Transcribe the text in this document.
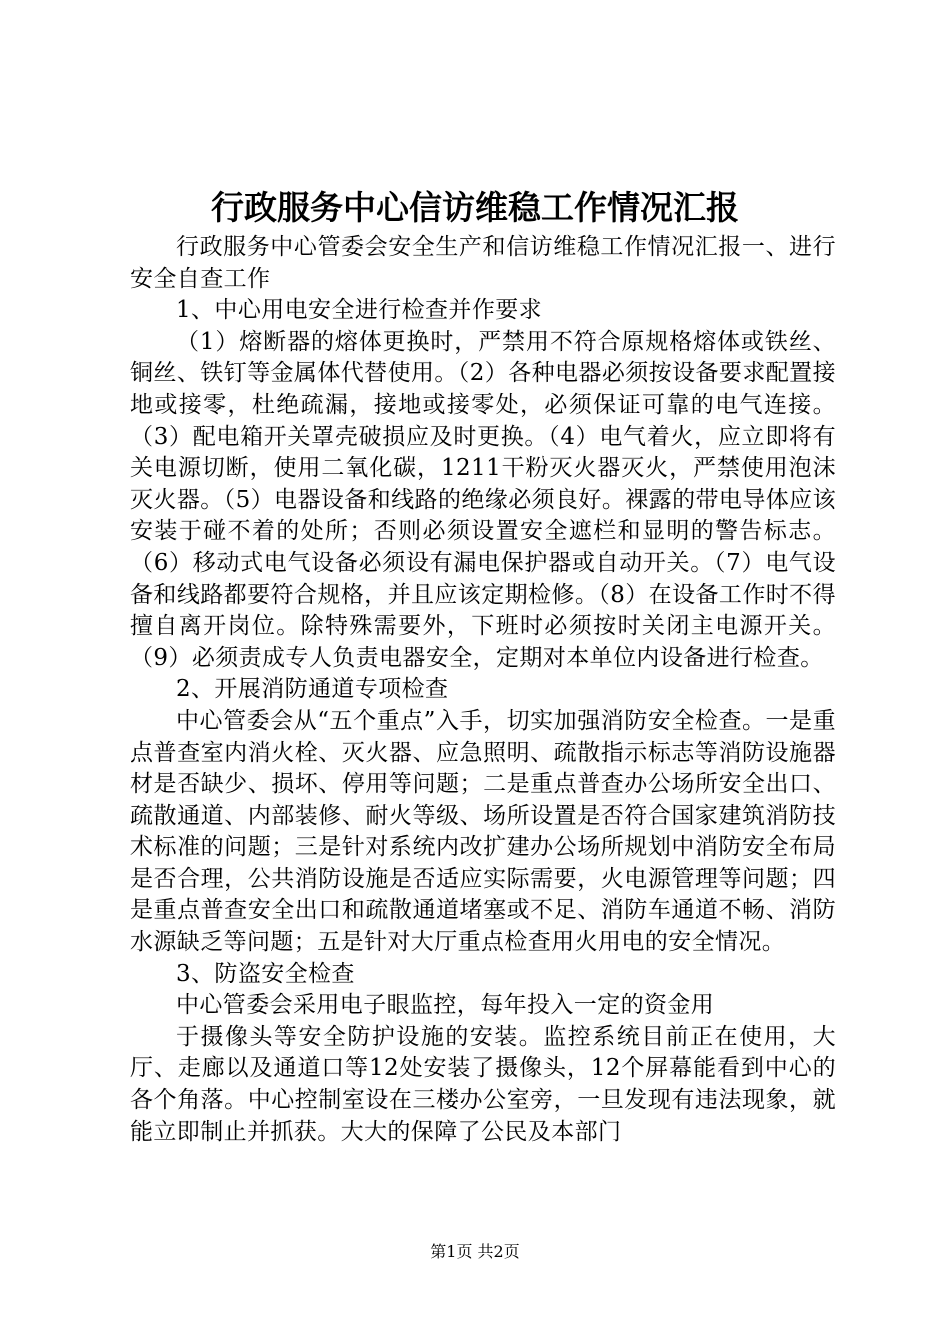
行政服务中心信访维稳工作情况汇报

行政服务中心管委会安全生产和信访维稳工作情况汇报一、进行安全自查工作

1、中心用电安全进行检查并作要求

（1）熔断器的熔体更换时，严禁用不符合原规格熔体或铁丝、铜丝、铁钉等金属体代替使用。（2）各种电器必须按设备要求配置接地或接零，杜绝疏漏，接地或接零处，必须保证可靠的电气连接。（3）配电箱开关罩壳破损应及时更换。（4）电气着火，应立即将有关电源切断，使用二氧化碳，1211干粉灭火器灭火，严禁使用泡沫灭火器。（5）电器设备和线路的绝缘必须良好。裸露的带电导体应该安装于碰不着的处所；否则必须设置安全遮栏和显明的警告标志。（6）移动式电气设备必须设有漏电保护器或自动开关。（7）电气设备和线路都要符合规格，并且应该定期检修。（8）在设备工作时不得擅自离开岗位。除特殊需要外，下班时必须按时关闭主电源开关。（9）必须责成专人负责电器安全，定期对本单位内设备进行检查。

2、开展消防通道专项检查

中心管委会从“五个重点”入手，切实加强消防安全检查。一是重点普查室内消火栓、灭火器、应急照明、疏散指示标志等消防设施器材是否缺少、损坏、停用等问题；二是重点普查办公场所安全出口、疏散通道、内部装修、耐火等级、场所设置是否符合国家建筑消防技术标准的问题；三是针对系统内改扩建办公场所规划中消防安全布局是否合理，公共消防设施是否适应实际需要，火电源管理等问题；四是重点普查安全出口和疏散通道堵塞或不足、消防车通道不畅、消防水源缺乏等问题；五是针对大厅重点检查用火用电的安全情况。

3、防盗安全检查

中心管委会采用电子眼监控，每年投入一定的资金用

于摄像头等安全防护设施的安装。监控系统目前正在使用，大厅、走廊以及通道口等12处安装了摄像头，12个屏幕能看到中心的各个角落。中心控制室设在三楼办公室旁，一旦发现有违法现象，就能立即制止并抓获。大大的保障了公民及本部门

第1页 共2页
